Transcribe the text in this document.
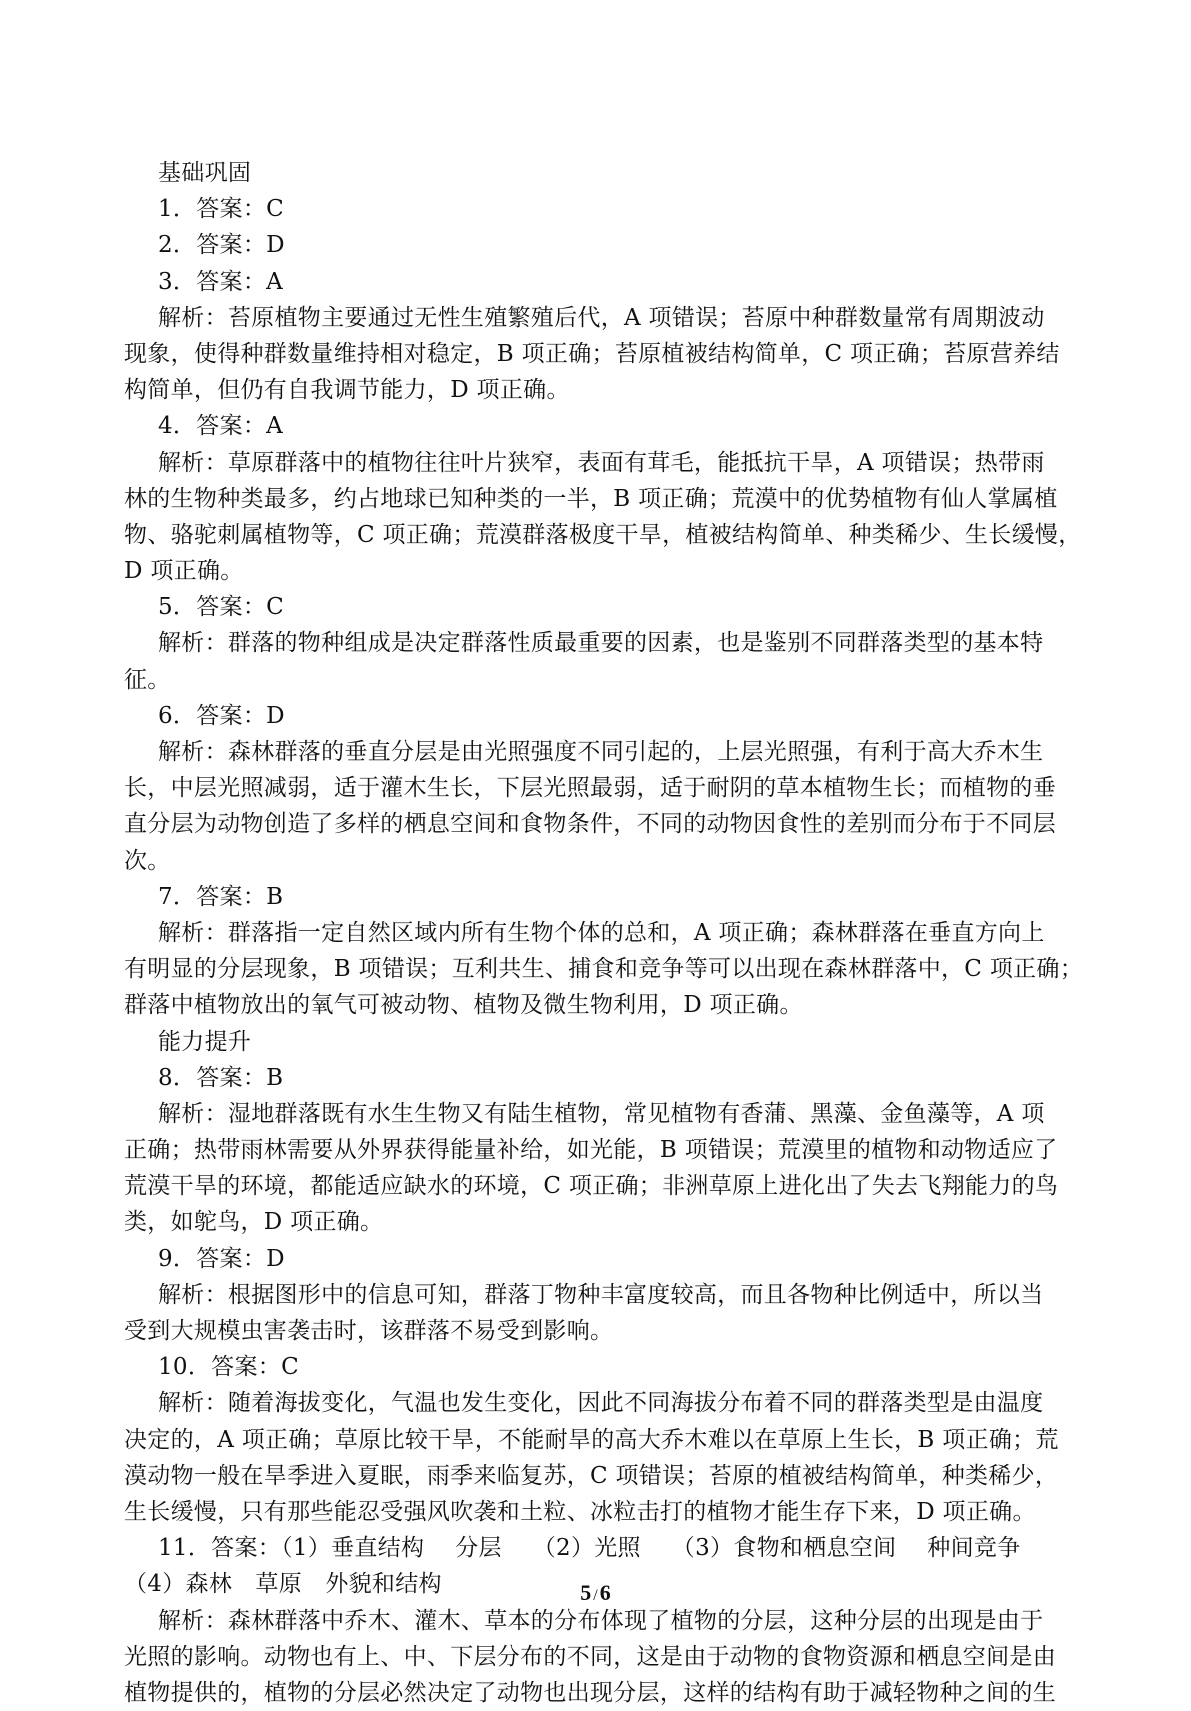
基础巩固
1．答案：C
2．答案：D
3．答案：A
解析：苔原植物主要通过无性生殖繁殖后代，A 项错误；苔原中种群数量常有周期波动
现象，使得种群数量维持相对稳定，B 项正确；苔原植被结构简单，C 项正确；苔原营养结
构简单，但仍有自我调节能力，D 项正确。
4．答案：A
解析：草原群落中的植物往往叶片狭窄，表面有茸毛，能抵抗干旱，A 项错误；热带雨
林的生物种类最多，约占地球已知种类的一半，B 项正确；荒漠中的优势植物有仙人掌属植
物、骆驼刺属植物等，C 项正确；荒漠群落极度干旱，植被结构简单、种类稀少、生长缓慢，
D 项正确。
5．答案：C
解析：群落的物种组成是决定群落性质最重要的因素，也是鉴别不同群落类型的基本特
征。
6．答案：D
解析：森林群落的垂直分层是由光照强度不同引起的，上层光照强，有利于高大乔木生
长，中层光照减弱，适于灌木生长，下层光照最弱，适于耐阴的草本植物生长；而植物的垂
直分层为动物创造了多样的栖息空间和食物条件，不同的动物因食性的差别而分布于不同层
次。
7．答案：B
解析：群落指一定自然区域内所有生物个体的总和，A 项正确；森林群落在垂直方向上
有明显的分层现象，B 项错误；互利共生、捕食和竞争等可以出现在森林群落中，C 项正确；
群落中植物放出的氧气可被动物、植物及微生物利用，D 项正确。
能力提升
8．答案：B
解析：湿地群落既有水生生物又有陆生植物，常见植物有香蒲、黑藻、金鱼藻等，A 项
正确；热带雨林需要从外界获得能量补给，如光能，B 项错误；荒漠里的植物和动物适应了
荒漠干旱的环境，都能适应缺水的环境，C 项正确；非洲草原上进化出了失去飞翔能力的鸟
类，如鸵鸟，D 项正确。
9．答案：D
解析：根据图形中的信息可知，群落丁物种丰富度较高，而且各物种比例适中，所以当
受到大规模虫害袭击时，该群落不易受到影响。
10．答案：C
解析：随着海拔变化，气温也发生变化，因此不同海拔分布着不同的群落类型是由温度
决定的，A 项正确；草原比较干旱，不能耐旱的高大乔木难以在草原上生长，B 项正确；荒
漠动物一般在旱季进入夏眠，雨季来临复苏，C 项错误；苔原的植被结构简单，种类稀少，
生长缓慢，只有那些能忍受强风吹袭和土粒、冰粒击打的植物才能生存下来，D 项正确。
11．答案：（1）垂直结构　 分层　 （2）光照　 （3）食物和栖息空间　 种间竞争
（4）森林　草原　外貌和结构
解析：森林群落中乔木、灌木、草本的分布体现了植物的分层，这种分层的出现是由于
光照的影响。动物也有上、中、下层分布的不同，这是由于动物的食物资源和栖息空间是由
植物提供的，植物的分层必然决定了动物也出现分层，这样的结构有助于减轻物种之间的生
5 /6
